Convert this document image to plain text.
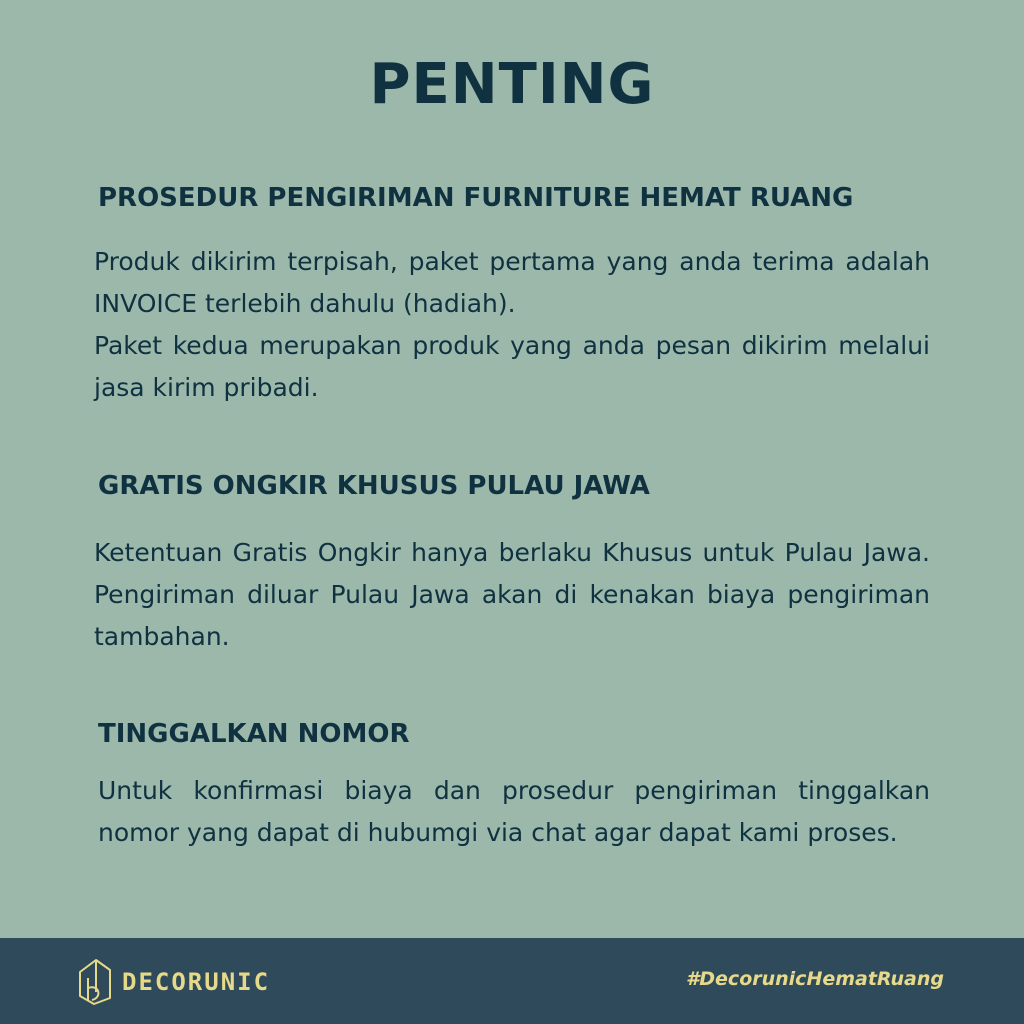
PENTING
PROSEDUR PENGIRIMAN FURNITURE HEMAT RUANG

Produk dikirim terpisah, paket pertama yang anda terima adalah INVOICE terlebih dahulu (hadiah).

Paket kedua merupakan produk yang anda pesan dikirim melalui jasa kirim pribadi.

GRATIS ONGKIR KHUSUS PULAU JAWA

Ketentuan Gratis Ongkir hanya berlaku Khusus untuk Pulau Jawa. Pengiriman diluar Pulau Jawa akan di kenakan biaya pengiriman tambahan.

TINGGALKAN NOMOR

Untuk konfirmasi biaya dan prosedur pengiriman tinggalkan nomor yang dapat di hubumgi via chat agar dapat kami proses.

DECORUNIC	#DecorunicHematRuang
